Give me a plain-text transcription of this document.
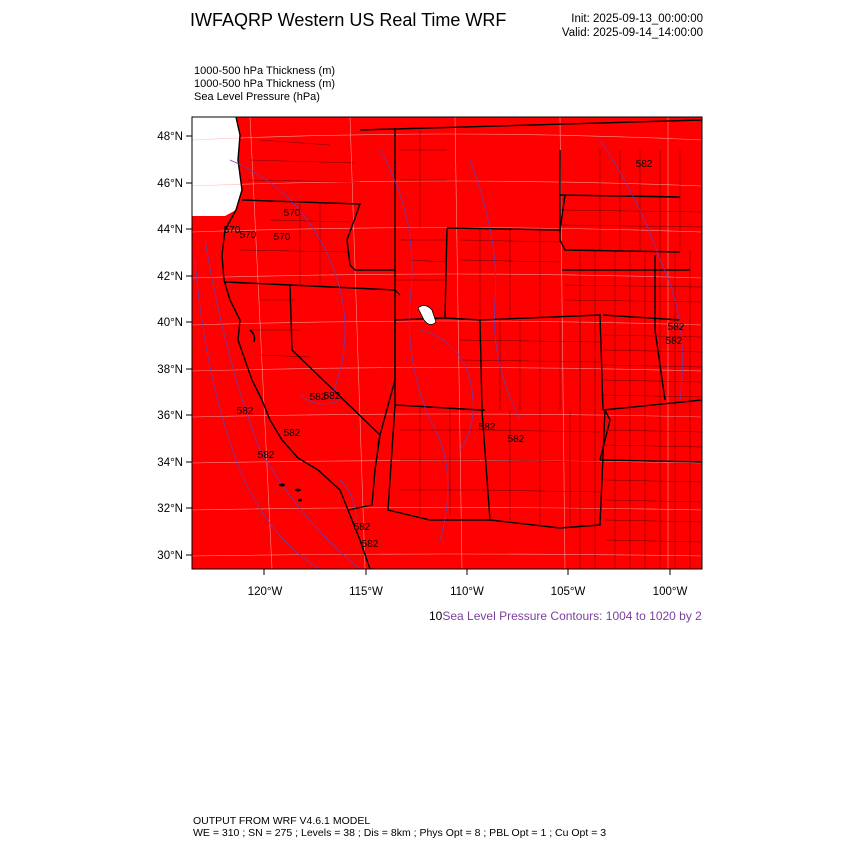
IWFAQRP Western US Real Time WRF	Init: 2025-09-13_00:00:00
Valid: 2025-09-14_14:00:00
1000-500 hPa Thickness (m)
1000-500 hPa Thickness (m)
Sea Level Pressure (hPa)
48°N
46°N
44°N
42°N
40°N
38°N
36°N
34°N
32°N
30°N
120°W	115°W	110°W	105°W	100°W
582
570
570 570 570
582
582
582
582
582
582
582
582
582
582
582
10Sea Level Pressure Contours: 1004 to 1020 by 2
OUTPUT FROM WRF V4.6.1 MODEL
WE = 310 ; SN = 275 ; Levels = 38 ; Dis = 8km ; Phys Opt = 8 ; PBL Opt = 1 ; Cu Opt = 3
